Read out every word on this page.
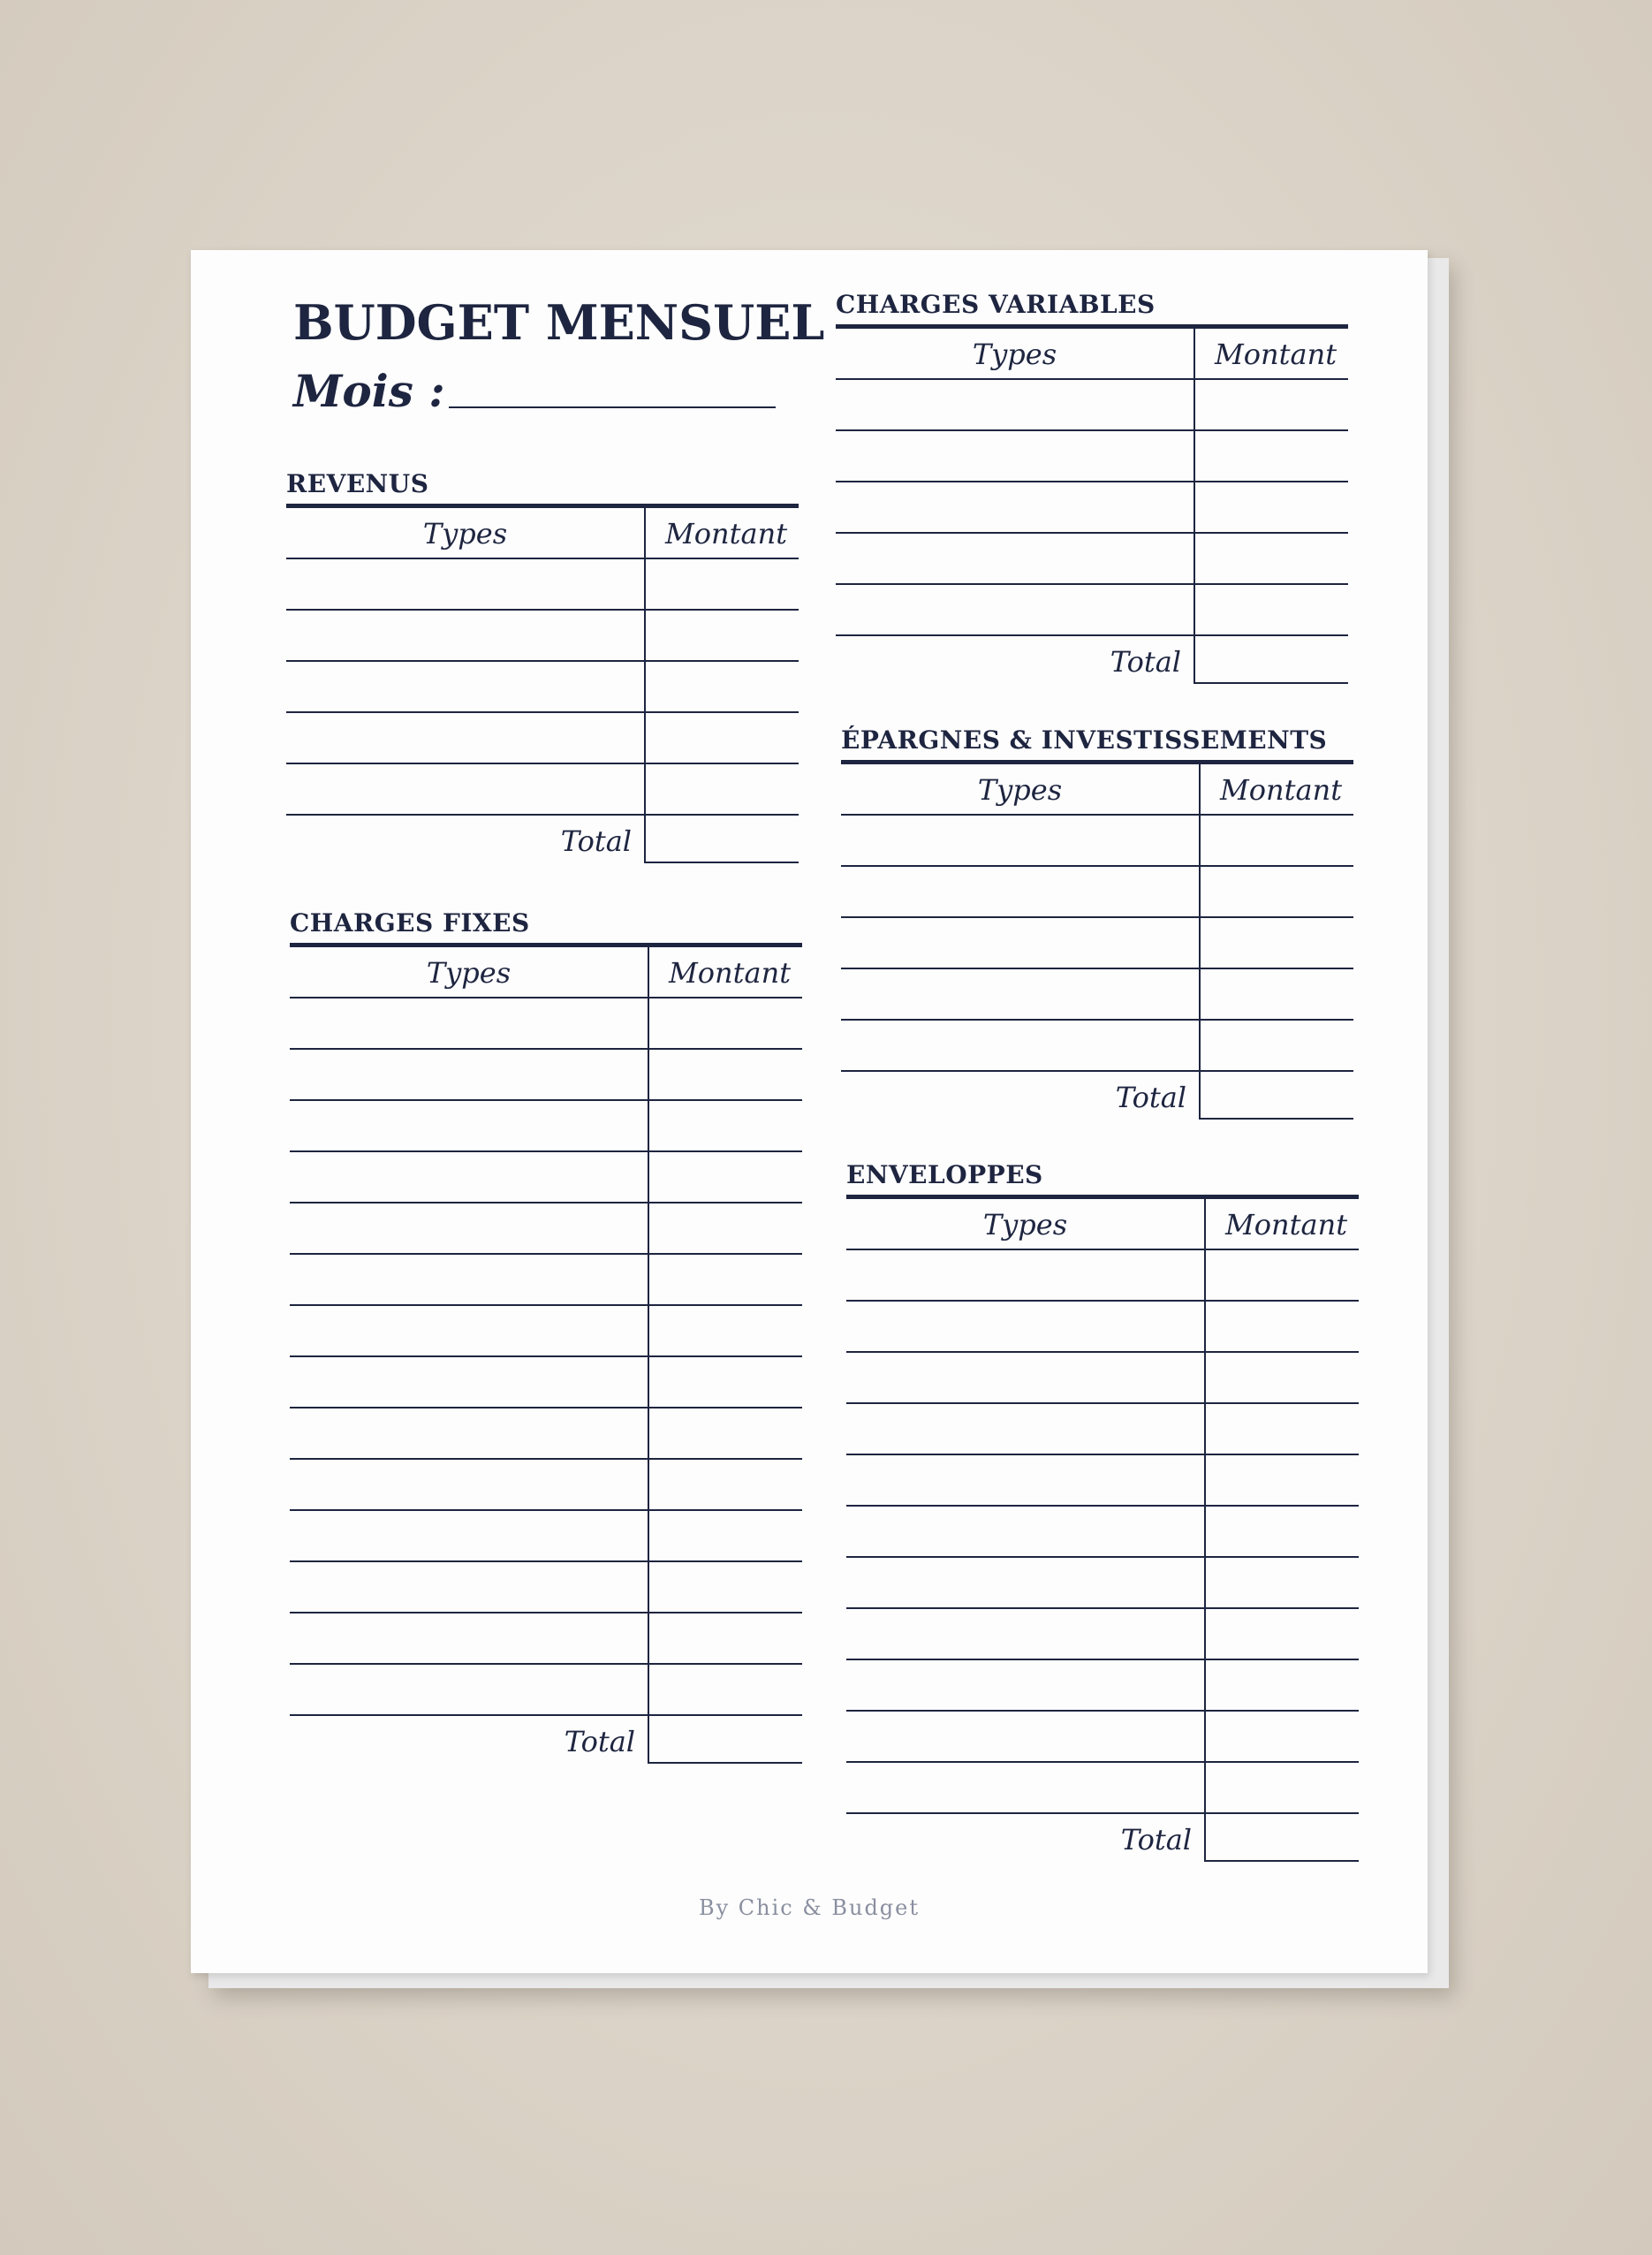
BUDGET MENSUEL
Mois :
REVENUS
Types	Montant
Total
CHARGES FIXES
Types	Montant
Total
CHARGES VARIABLES
Types	Montant
Total
ÉPARGNES & INVESTISSEMENTS
Types	Montant
Total
ENVELOPPES
Types	Montant
Total
By Chic & Budget
